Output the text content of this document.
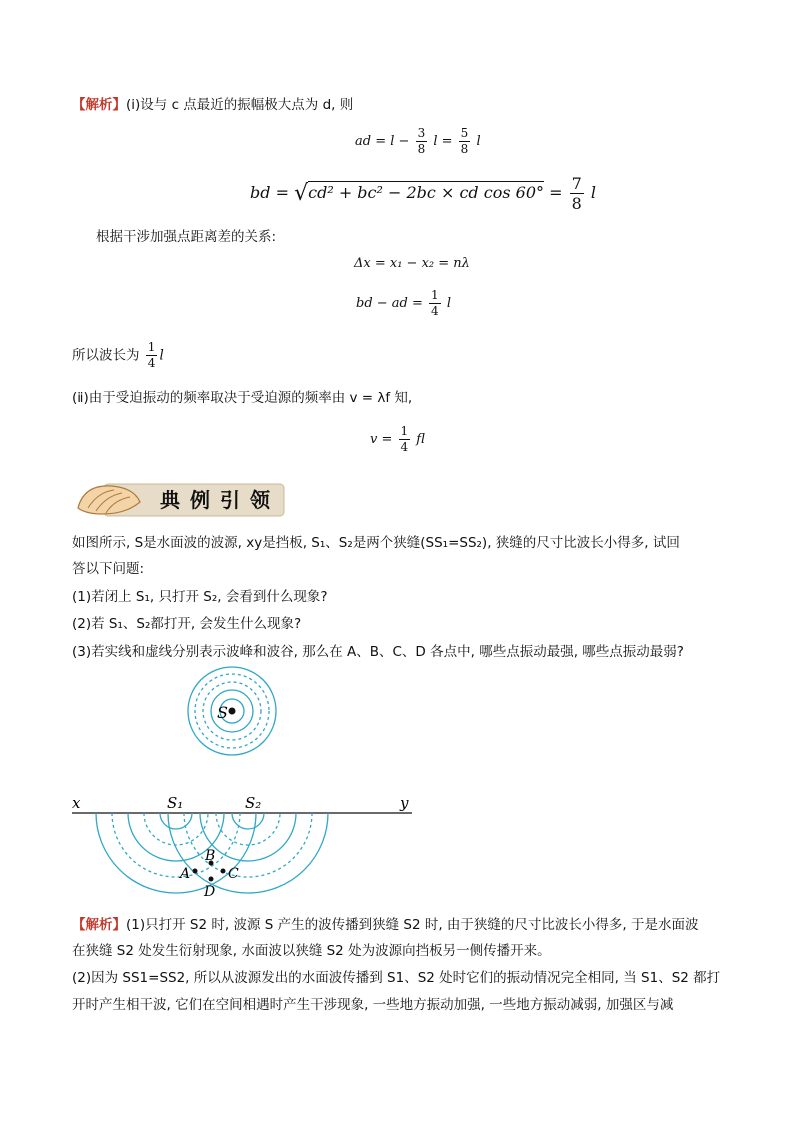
【解析】(ⅰ)设与 c 点最近的振幅极大点为 d, 则
ad = $l - \frac{3}{8}$ $l = \frac{5}{8}$ l
bd = √cd² + bc² − 2bc × cd $\cos 60^\circ = \frac{7}{8}$ l
根据干涉加强点距离差的关系:
Δx = x₁ − x₂ = nλ
bd − ad = $\frac{1}{4}$ l
所以波长为 $\frac{1}{4}$ l
(ⅱ)由于受迫振动的频率取决于受迫源的频率由 v = λf 知,
$v = \frac{1}{4}$ fl
典例引领
如图所示, S是水面波的波源, xy是挡板, S₁、S₂是两个狭缝(SS₁=SS₂), 狭缝的尺寸比波长小得多, 试回
答以下问题:
(1)若闭上 S₁, 只打开 S₂, 会看到什么现象?
(2)若 S₁、S₂都打开, 会发生什么现象?
(3)若实线和虚线分别表示波峰和波谷, 那么在 A、B、C、D 各点中, 哪些点振动最强, 哪些点振动最弱?
S
x	y
S₁	S₂
B
A	C
D
【解析】(1)只打开 S2 时, 波源 S 产生的波传播到狭缝 S2 时, 由于狭缝的尺寸比波长小得多, 于是水面波
在狭缝 S2 处发生衍射现象, 水面波以狭缝 S2 处为波源向挡板另一侧传播开来。
(2)因为 SS1=SS2, 所以从波源发出的水面波传播到 S1、S2 处时它们的振动情况完全相同, 当 S1、S2 都打
开时产生相干波, 它们在空间相遇时产生干涉现象, 一些地方振动加强, 一些地方振动减弱, 加强区与减
